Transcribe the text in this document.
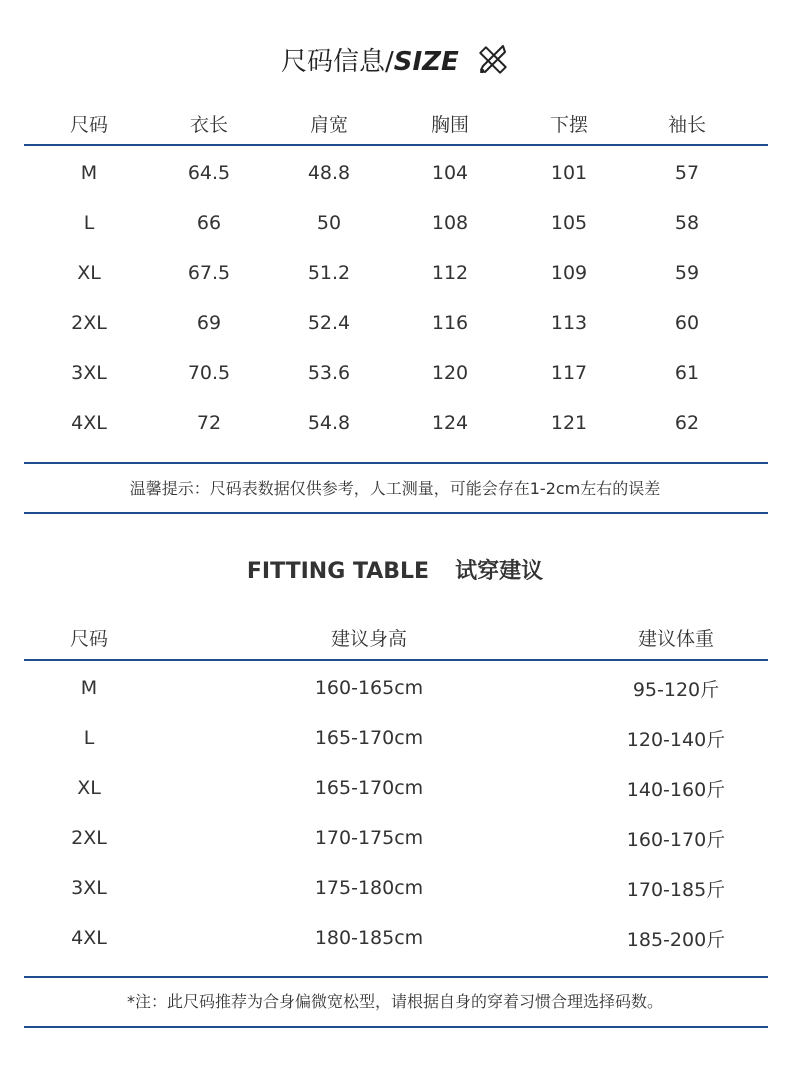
尺码信息/SIZE
尺码	衣长	肩宽	胸围	下摆	袖长
M	64.5	48.8	104	101	57
L	66	50	108	105	58
XL	67.5	51.2	112	109	59
2XL	69	52.4	116	113	60
3XL	70.5	53.6	120	117	61
4XL	72	54.8	124	121	62
温馨提示：尺码表数据仅供参考，人工测量，可能会存在1-2cm左右的误差
FITTING TABLE 试穿建议
尺码	建议身高	建议体重
M	160-165cm	95-120斤
L	165-170cm	120-140斤
XL	165-170cm	140-160斤
2XL	170-175cm	160-170斤
3XL	175-180cm	170-185斤
4XL	180-185cm	185-200斤
*注：此尺码推荐为合身偏微宽松型，请根据自身的穿着习惯合理选择码数。
